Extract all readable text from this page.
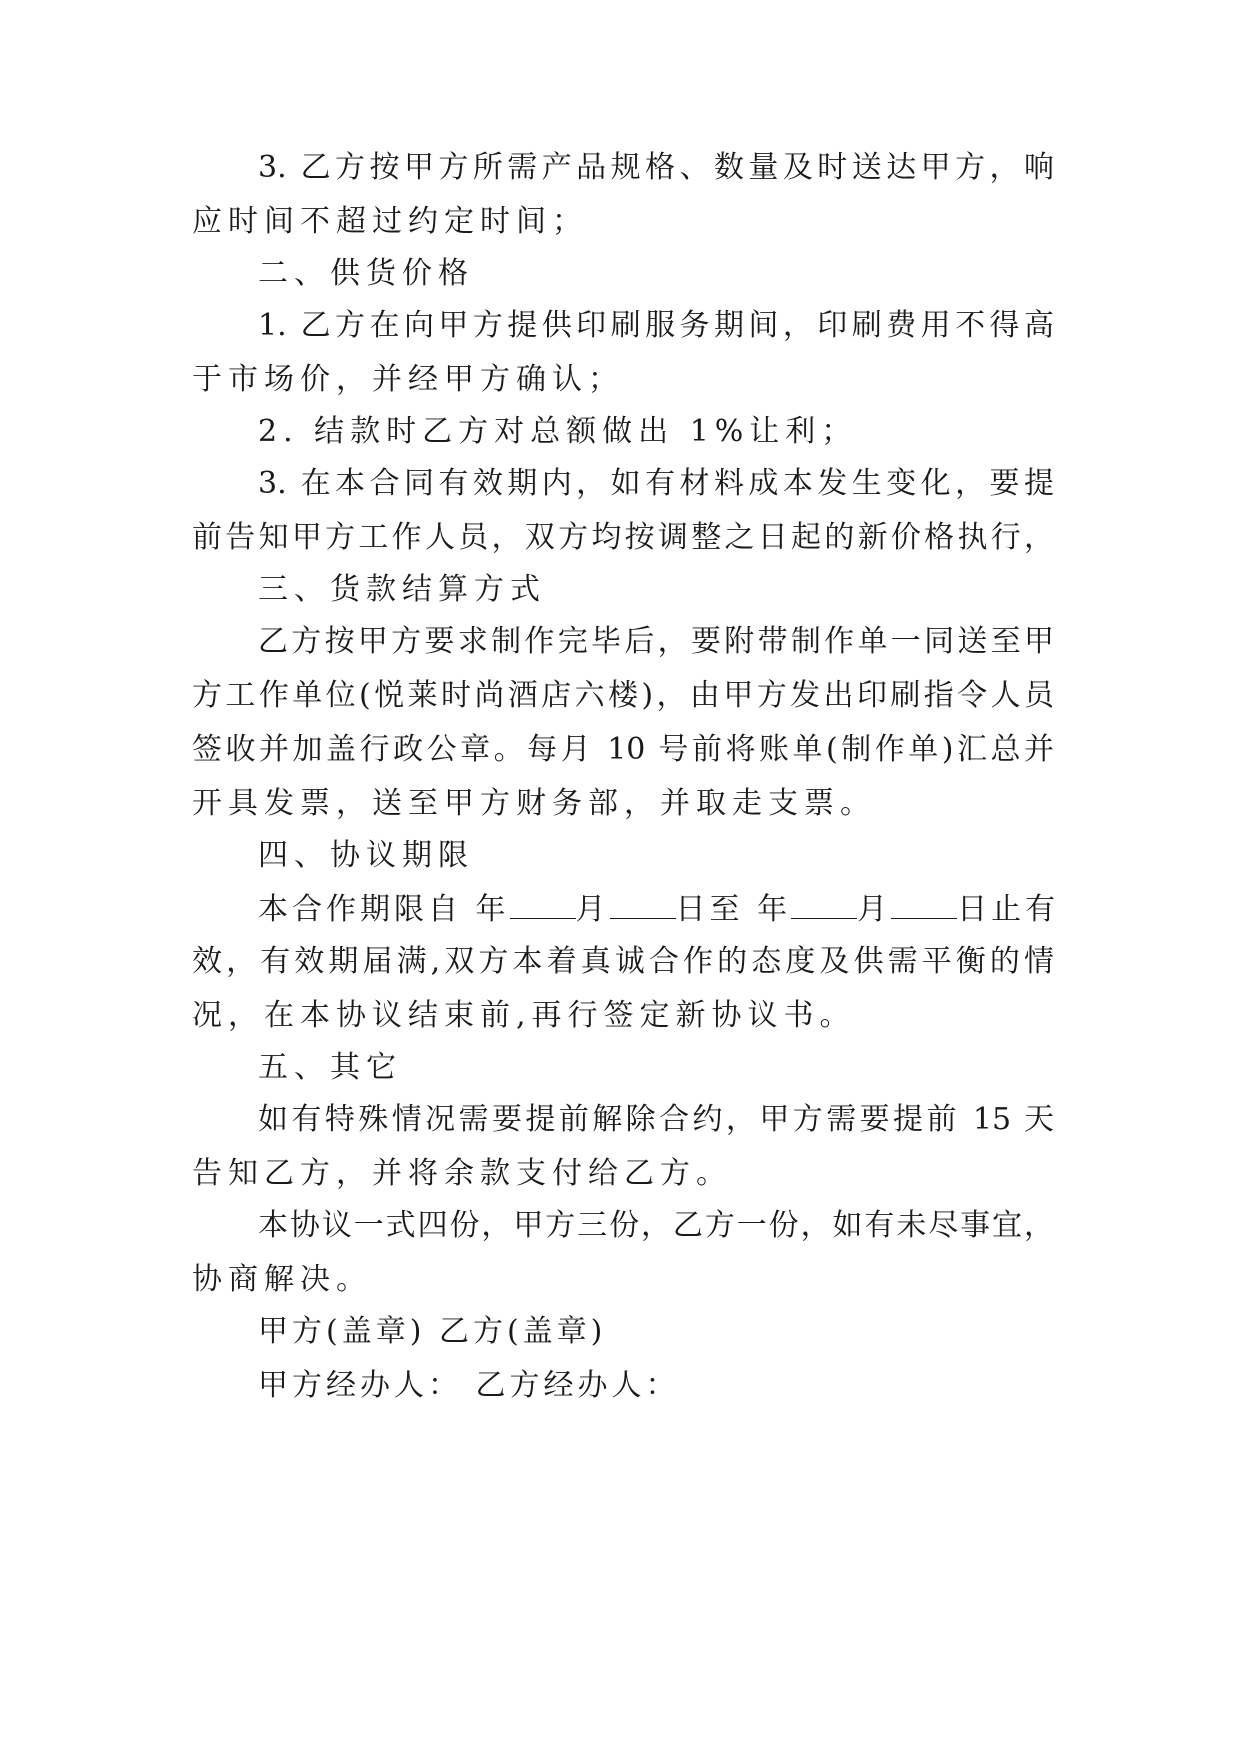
3. 乙方按甲方所需产品规格、数量及时送达甲方，响
应时间不超过约定时间；
二、供货价格
1. 乙方在向甲方提供印刷服务期间，印刷费用不得高
于市场价，并经甲方确认；
2. 结款时乙方对总额做出 1%让利；
3. 在本合同有效期内，如有材料成本发生变化，要提
前告知甲方工作人员，双方均按调整之日起的新价格执行，
三、货款结算方式
乙方按甲方要求制作完毕后，要附带制作单一同送至甲
方工作单位(悦莱时尚酒店六楼)，由甲方发出印刷指令人员
签收并加盖行政公章。每月 10 号前将账单(制作单)汇总并
开具发票，送至甲方财务部，并取走支票。
四、协议期限
本合作期限自 年 月 日至 年 月 日止有
效，有效期届满,双方本着真诚合作的态度及供需平衡的情
况，在本协议结束前,再行签定新协议书。
五、其它
如有特殊情况需要提前解除合约，甲方需要提前 15 天
告知乙方，并将余款支付给乙方。
本协议一式四份，甲方三份，乙方一份，如有未尽事宜，
协商解决。
甲方(盖章) 乙方(盖章)
甲方经办人： 乙方经办人：
